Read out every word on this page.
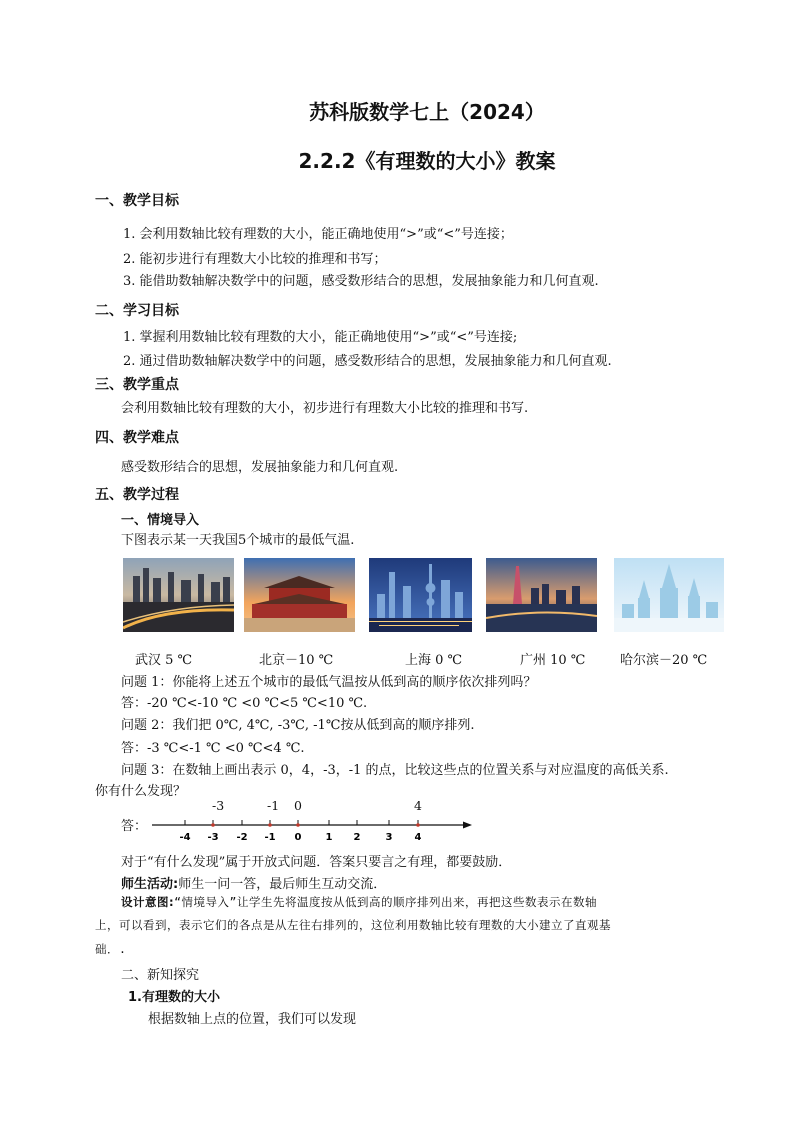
苏科版数学七上（2024）
2.2.2《有理数的大小》教案
一、教学目标
1. 会利用数轴比较有理数的大小，能正确地使用“>”或“<”号连接；
2. 能初步进行有理数大小比较的推理和书写；
3. 能借助数轴解决数学中的问题，感受数形结合的思想，发展抽象能力和几何直观.
二、学习目标
1. 掌握利用数轴比较有理数的大小，能正确地使用“>”或“<”号连接;
2. 通过借助数轴解决数学中的问题，感受数形结合的思想，发展抽象能力和几何直观.
三、教学重点
会利用数轴比较有理数的大小，初步进行有理数大小比较的推理和书写.
四、教学难点
感受数形结合的思想，发展抽象能力和几何直观.
五、教学过程
一、情境导入
下图表示某一天我国5个城市的最低气温.
武汉 5 ℃	北京－10 ℃	上海 0 ℃	广州 10 ℃	哈尔滨－20 ℃
问题 1：你能将上述五个城市的最低气温按从低到高的顺序依次排列吗？
答：-20 ℃<-10 ℃ <0 ℃<5 ℃<10 ℃.
问题 2：我们把 0℃, 4℃, -3℃, -1℃按从低到高的顺序排列.
答：-3 ℃<-1 ℃ <0 ℃<4 ℃.
问题 3：在数轴上画出表示 0，4，-3，-1 的点，比较这些点的位置关系与对应温度的高低关系.
你有什么发现？
答：
-4 -3 -2 -1 0 1 2	3 4
-3	-1 0	4
对于“有什么发现”属于开放式问题．答案只要言之有理，都要鼓励．
师生活动:师生一问一答，最后师生互动交流．
设计意图:“情境导入”让学生先将温度按从低到高的顺序排列出来，再把这些数表示在数轴
上，可以看到，表示它们的各点是从左往右排列的，这位利用数轴比较有理数的大小建立了直观基
础．.
二、新知探究
1.有理数的大小
根据数轴上点的位置，我们可以发现
